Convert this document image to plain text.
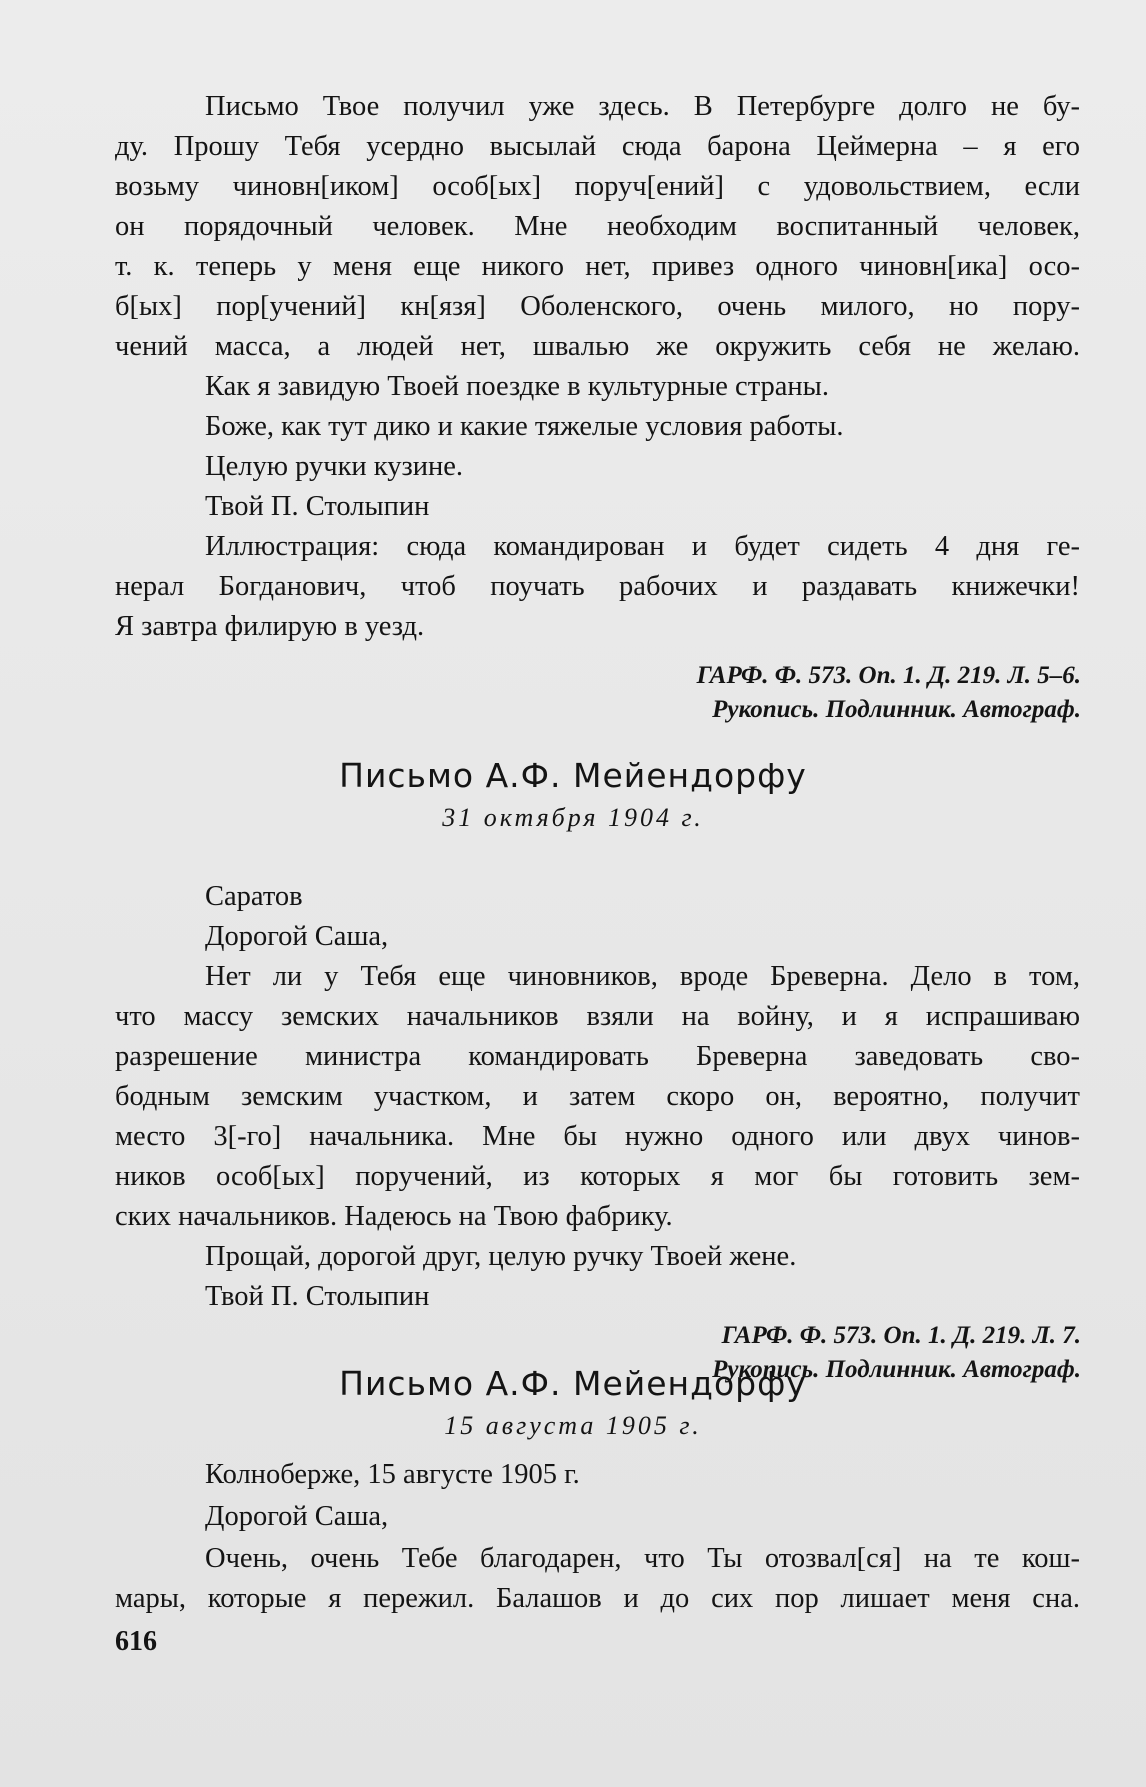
Письмо Твое получил уже здесь. В Петербурге долго не бу-
ду. Прошу Тебя усердно высылай сюда барона Цеймерна – я его
возьму чиновн[иком] особ[ых] поруч[ений] с удовольствием, если
он порядочный человек. Мне необходим воспитанный человек,
т. к. теперь у меня еще никого нет, привез одного чиновн[ика] осо-
б[ых] пор[учений] кн[язя] Оболенского, очень милого, но пору-
чений масса, а людей нет, швалью же окружить себя не желаю.
Как я завидую Твоей поездке в культурные страны.
Боже, как тут дико и какие тяжелые условия работы.
Целую ручки кузине.
Твой П. Столыпин
Иллюстрация: сюда командирован и будет сидеть 4 дня ге-
нерал Богданович, чтоб поучать рабочих и раздавать книжечки!
Я завтра филирую в уезд.
ГАРФ. Ф. 573. Оп. 1. Д. 219. Л. 5–6.
Рукопись. Подлинник. Автограф.
Письмо А.Ф. Мейендорфу
31 октября 1904 г.
Саратов
Дорогой Саша,
Нет ли у Тебя еще чиновников, вроде Бреверна. Дело в том,
что массу земских начальников взяли на войну, и я испрашиваю
разрешение министра командировать Бреверна заведовать сво-
бодным земским участком, и затем скоро он, вероятно, получит
место 3[-го] начальника. Мне бы нужно одного или двух чинов-
ников особ[ых] поручений, из которых я мог бы готовить зем-
ских начальников. Надеюсь на Твою фабрику.
Прощай, дорогой друг, целую ручку Твоей жене.
Твой П. Столыпин
ГАРФ. Ф. 573. Оп. 1. Д. 219. Л. 7.
Рукопись. Подлинник. Автограф.
Письмо А.Ф. Мейендорфу
15 августа 1905 г.
Колноберже, 15 августе 1905 г.
Дорогой Саша,
Очень, очень Тебе благодарен, что Ты отозвал[ся] на те кош-
мары, которые я пережил. Балашов и до сих пор лишает меня сна.
616
